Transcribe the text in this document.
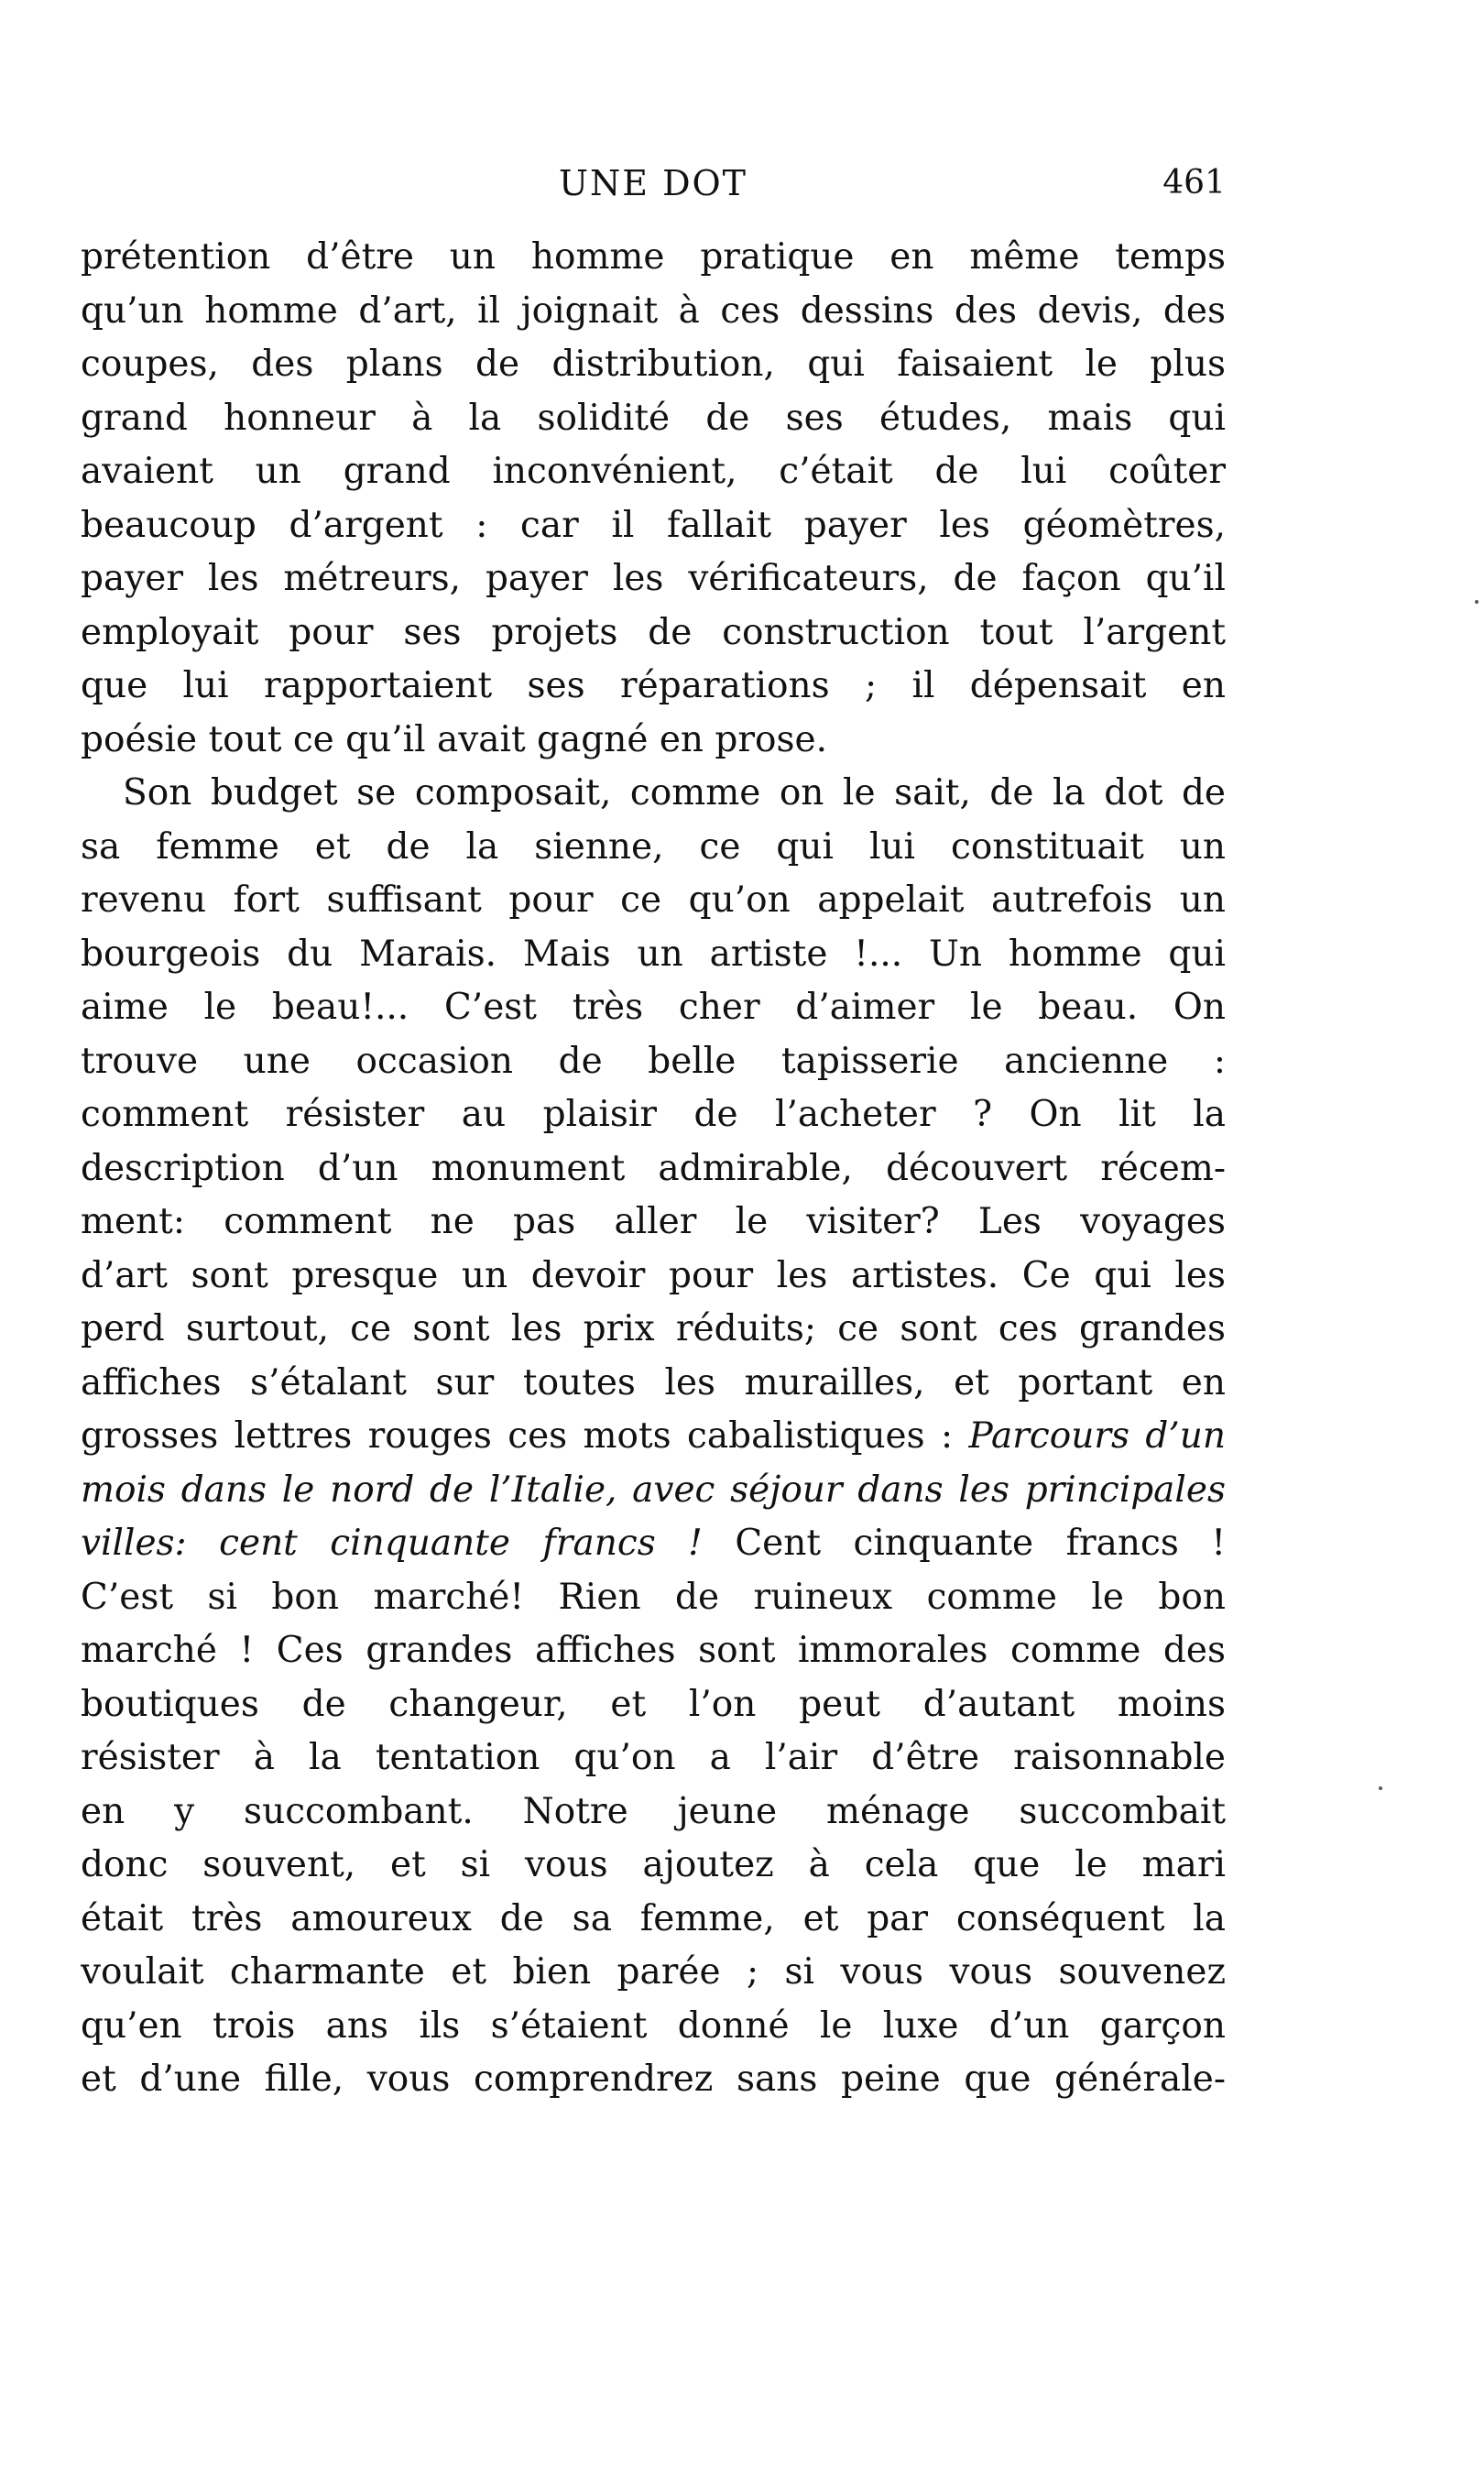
UNE DOT	461
prétention d’être un homme pratique en même temps
qu’un homme d’art, il joignait à ces dessins des devis, des
coupes, des plans de distribution, qui faisaient le plus
grand honneur à la solidité de ses études, mais qui
avaient un grand inconvénient, c’était de lui coûter
beaucoup d’argent : car il fallait payer les géomètres,
payer les métreurs, payer les vérificateurs, de façon qu’il
employait pour ses projets de construction tout l’argent
que lui rapportaient ses réparations ; il dépensait en
poésie tout ce qu’il avait gagné en prose.
Son budget se composait, comme on le sait, de la dot de
sa femme et de la sienne, ce qui lui constituait un
revenu fort suffisant pour ce qu’on appelait autrefois un
bourgeois du Marais. Mais un artiste !... Un homme qui
aime le beau!... C’est très cher d’aimer le beau. On
trouve une occasion de belle tapisserie ancienne :
comment résister au plaisir de l’acheter ? On lit la
description d’un monument admirable, découvert récem-
ment: comment ne pas aller le visiter? Les voyages
d’art sont presque un devoir pour les artistes. Ce qui les
perd surtout, ce sont les prix réduits; ce sont ces grandes
affiches s’étalant sur toutes les murailles, et portant en
grosses lettres rouges ces mots cabalistiques : Parcours d’un
mois dans le nord de l’Italie, avec séjour dans les principales
villes: cent cinquante francs ! Cent cinquante francs !
C’est si bon marché! Rien de ruineux comme le bon
marché ! Ces grandes affiches sont immorales comme des
boutiques de changeur, et l’on peut d’autant moins
résister à la tentation qu’on a l’air d’être raisonnable
en y succombant. Notre jeune ménage succombait
donc souvent, et si vous ajoutez à cela que le mari
était très amoureux de sa femme, et par conséquent la
voulait charmante et bien parée ; si vous vous souvenez
qu’en trois ans ils s’étaient donné le luxe d’un garçon
et d’une fille, vous comprendrez sans peine que générale-
